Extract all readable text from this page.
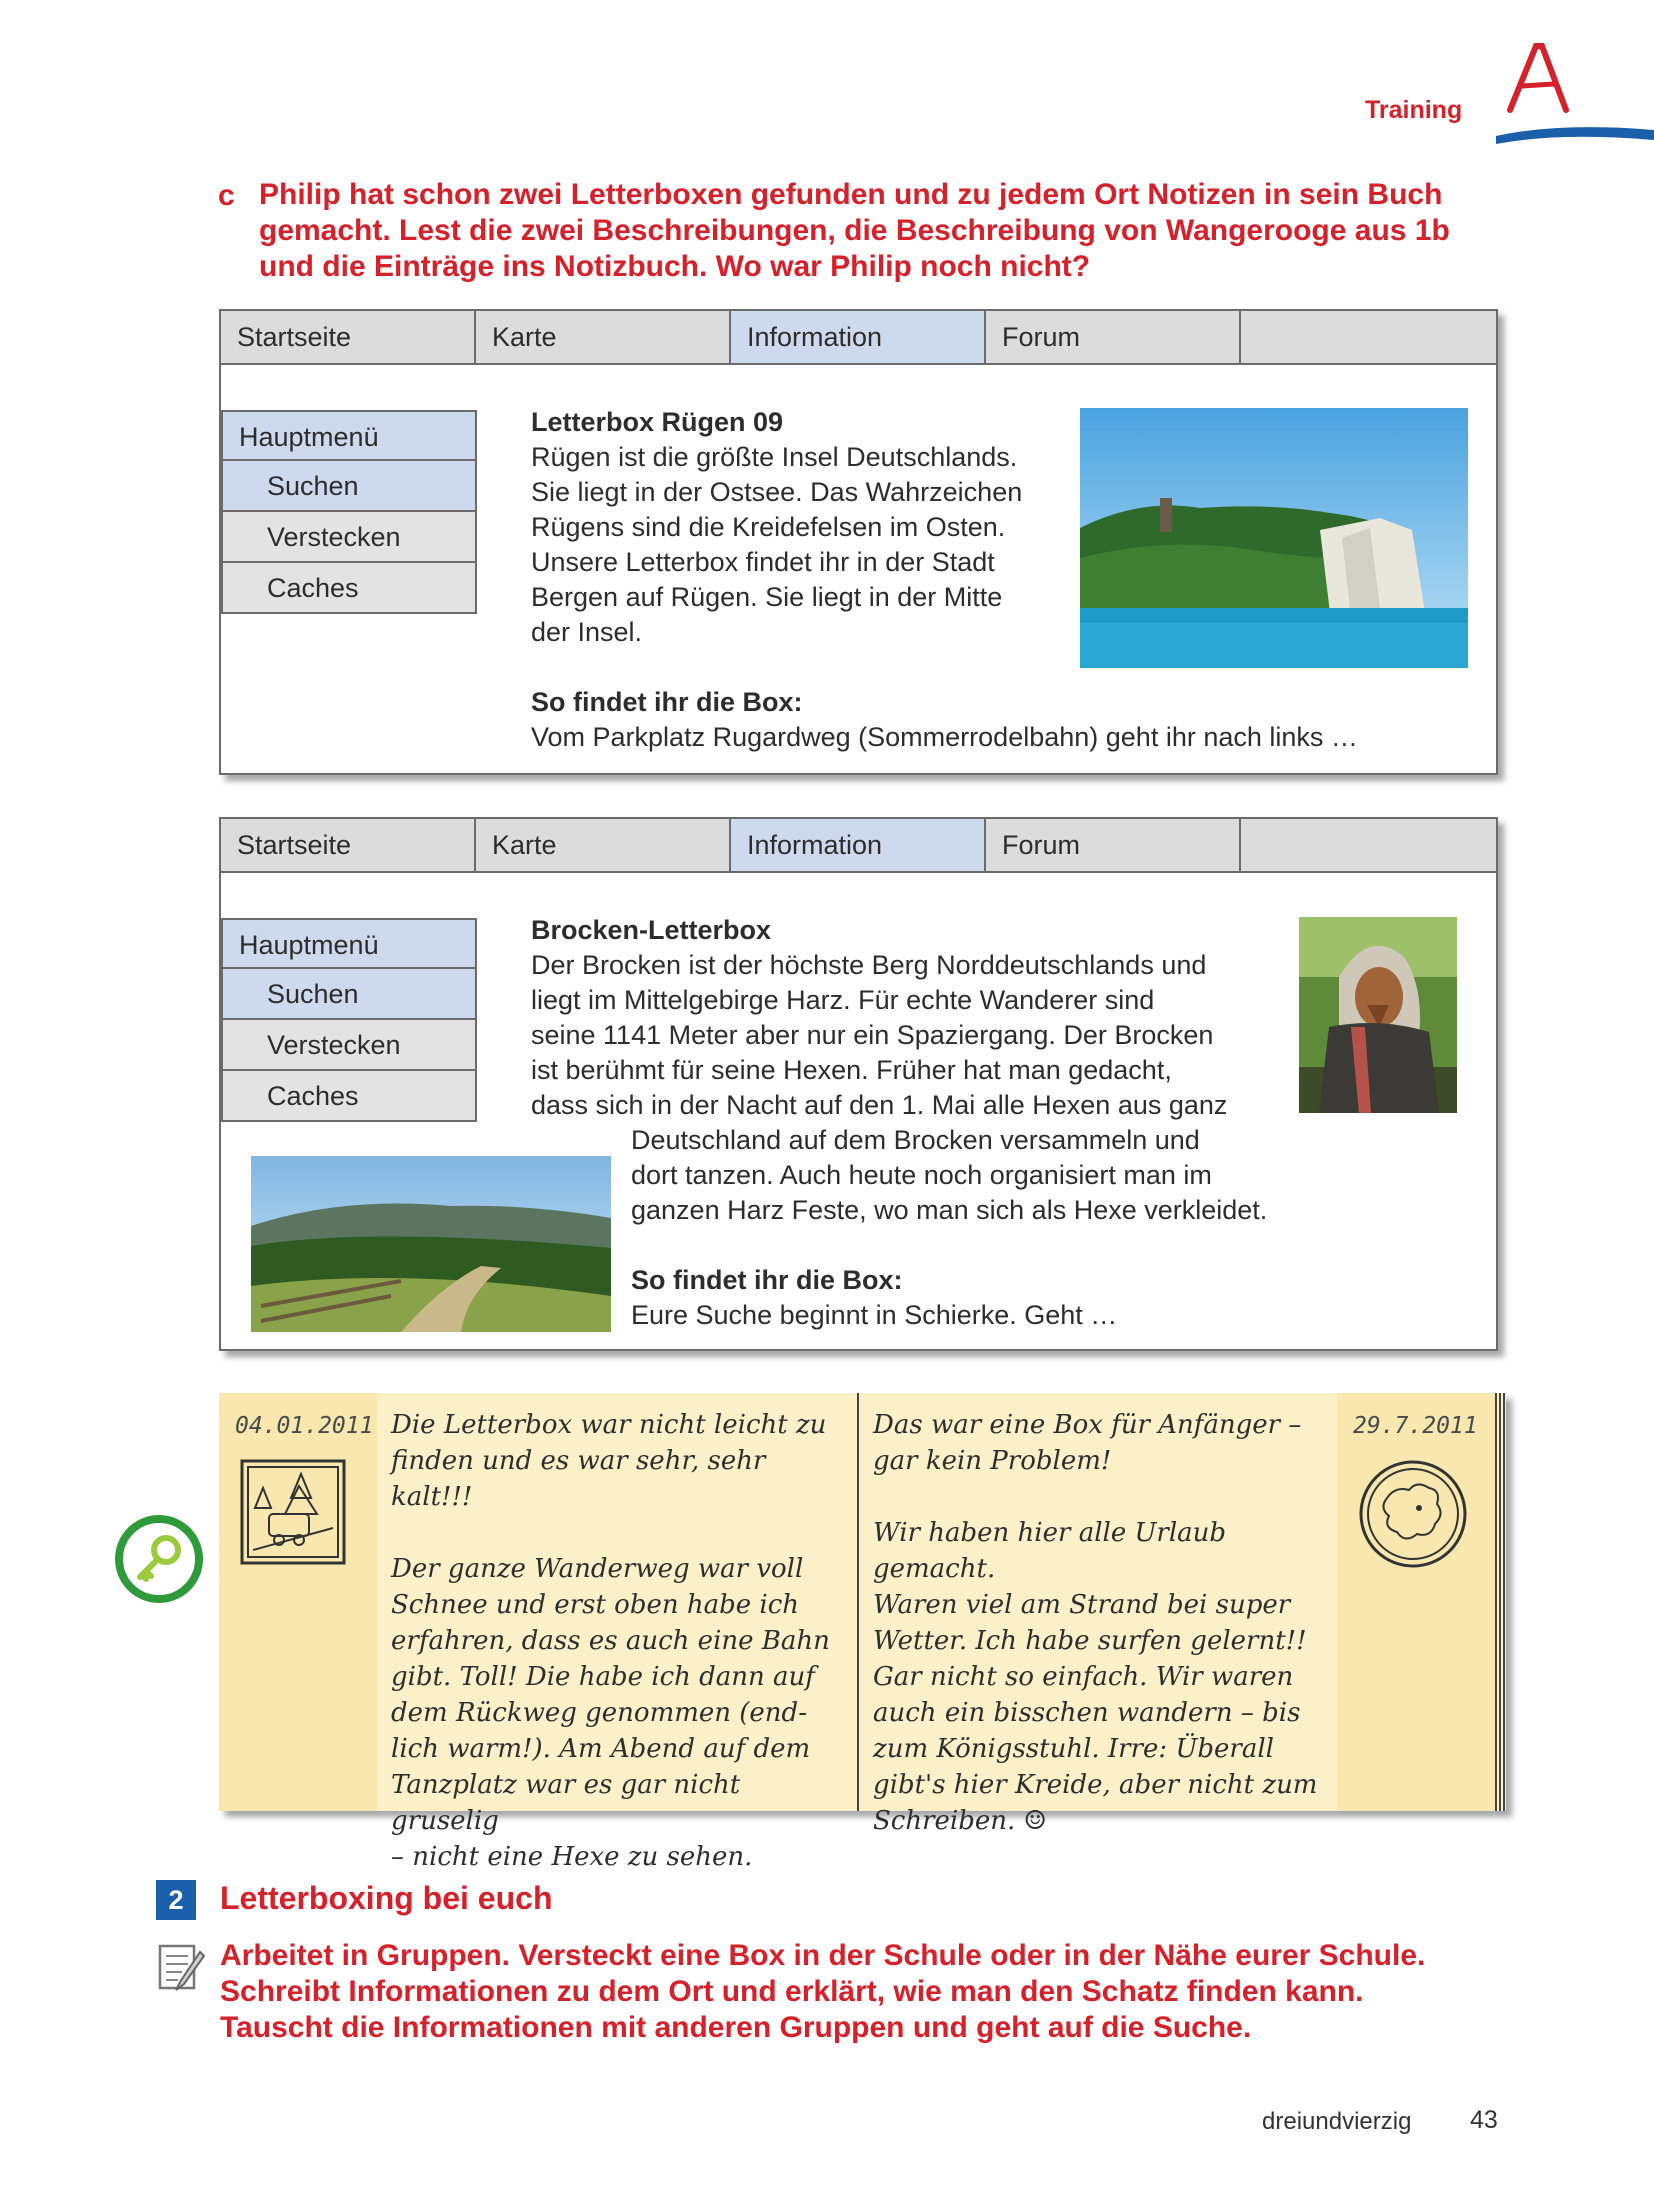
Training
c Philip hat schon zwei Letterboxen gefunden und zu jedem Ort Notizen in sein Buch gemacht. Lest die zwei Beschreibungen, die Beschreibung von Wangerooge aus 1b und die Einträge ins Notizbuch. Wo war Philip noch nicht?
Startseite	Karte	Information	Forum
Hauptmenü
Suchen
Verstecken
Caches
Letterbox Rügen 09
Rügen ist die größte Insel Deutschlands.
Sie liegt in der Ostsee. Das Wahrzeichen
Rügens sind die Kreidefelsen im Osten.
Unsere Letterbox findet ihr in der Stadt
Bergen auf Rügen. Sie liegt in der Mitte
der Insel.
So findet ihr die Box:
Vom Parkplatz Rugardweg (Sommerrodelbahn) geht ihr nach links …
Startseite	Karte	Information	Forum
Hauptmenü
Suchen
Verstecken
Caches
Brocken-Letterbox
Der Brocken ist der höchste Berg Norddeutschlands und
liegt im Mittelgebirge Harz. Für echte Wanderer sind
seine 1141 Meter aber nur ein Spaziergang. Der Brocken
ist berühmt für seine Hexen. Früher hat man gedacht,
dass sich in der Nacht auf den 1. Mai alle Hexen aus ganz
Deutschland auf dem Brocken versammeln und
dort tanzen. Auch heute noch organisiert man im
ganzen Harz Feste, wo man sich als Hexe verkleidet.
So findet ihr die Box:
Eure Suche beginnt in Schierke. Geht …
04.01.2011 Die Letterbox war nicht leicht zu
finden und es war sehr, sehr kalt!!!
Der ganze Wanderweg war voll
Schnee und erst oben habe ich
erfahren, dass es auch eine Bahn
gibt. Toll! Die habe ich dann auf
dem Rückweg genommen (end-
lich warm!). Am Abend auf dem
Tanzplatz war es gar nicht gruselig
– nicht eine Hexe zu sehen.
Das war eine Box für Anfänger –
gar kein Problem!
Wir haben hier alle Urlaub gemacht.
Waren viel am Strand bei super
Wetter. Ich habe surfen gelernt!!
Gar nicht so einfach. Wir waren
auch ein bisschen wandern – bis
zum Königsstuhl. Irre: Überall
gibt's hier Kreide, aber nicht zum
Schreiben. ☺
29.7.2011
2	Letterboxing bei euch
Arbeitet in Gruppen. Versteckt eine Box in der Schule oder in der Nähe eurer Schule. Schreibt Informationen zu dem Ort und erklärt, wie man den Schatz finden kann. Tauscht die Informationen mit anderen Gruppen und geht auf die Suche.
dreiundvierzig 43
